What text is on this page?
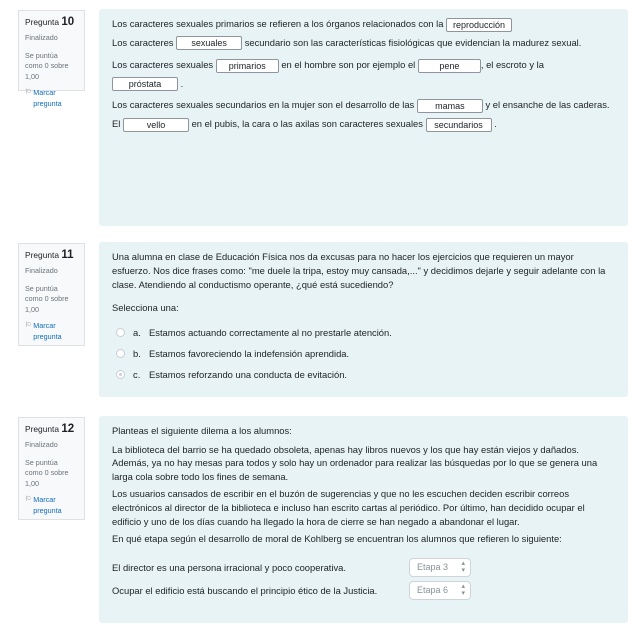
Pregunta 10
Finalizado
Se puntúa
como 0 sobre
1,00
⚐ Marcar
pregunta

Los caracteres sexuales primarios se refieren a los órganos relacionados con la reproducción

Los caracteres sexuales secundario son las características fisiológicas que evidencian la madurez sexual.

Los caracteres sexuales primarios en el hombre son por ejemplo el	pene , el escroto y la
próstata .

Los caracteres sexuales secundarios en la mujer son el desarrollo de las mamas y el ensanche de las caderas.

El	vello	en el pubis, la cara o las axilas son caracteres sexuales secundarios .

Pregunta 11
Finalizado
Se puntúa
como 0 sobre
1,00
⚐ Marcar
pregunta

Una alumna en clase de Educación Física nos da excusas para no hacer los ejercicios que requieren un mayor esfuerzo. Nos dice frases como: "me duele la tripa, estoy muy cansada,..." y decidimos dejarle y seguir adelante con la clase. Atendiendo al conductismo operante, ¿qué está sucediendo?

Selecciona una:

a. Estamos actuando correctamente al no prestarle atención.
b. Estamos favoreciendo la indefensión aprendida.
c. Estamos reforzando una conducta de evitación.
Pregunta 12
Finalizado
Se puntúa
como 0 sobre
1,00
⚐ Marcar
pregunta

Planteas el siguiente dilema a los alumnos:

La biblioteca del barrio se ha quedado obsoleta, apenas hay libros nuevos y los que hay están viejos y dañados. Además, ya no hay mesas para todos y solo hay un ordenador para realizar las búsquedas por lo que se genera una larga cola sobre todo los fines de semana.

Los usuarios cansados de escribir en el buzón de sugerencias y que no les escuchen deciden escribir correos electrónicos al director de la biblioteca e incluso han escrito cartas al periódico. Por último, han decidido ocupar el edificio y uno de los días cuando ha llegado la hora de cierre se han negado a abandonar el lugar.

En qué etapa según el desarrollo de moral de Kohlberg se encuentran los alumnos que refieren lo siguiente:

El director es una persona irracional y poco cooperativa.	Etapa 3 ▴
▾
Ocupar el edificio está buscando el principio ético de la Justicia.	Etapa 6 ▴
▾
